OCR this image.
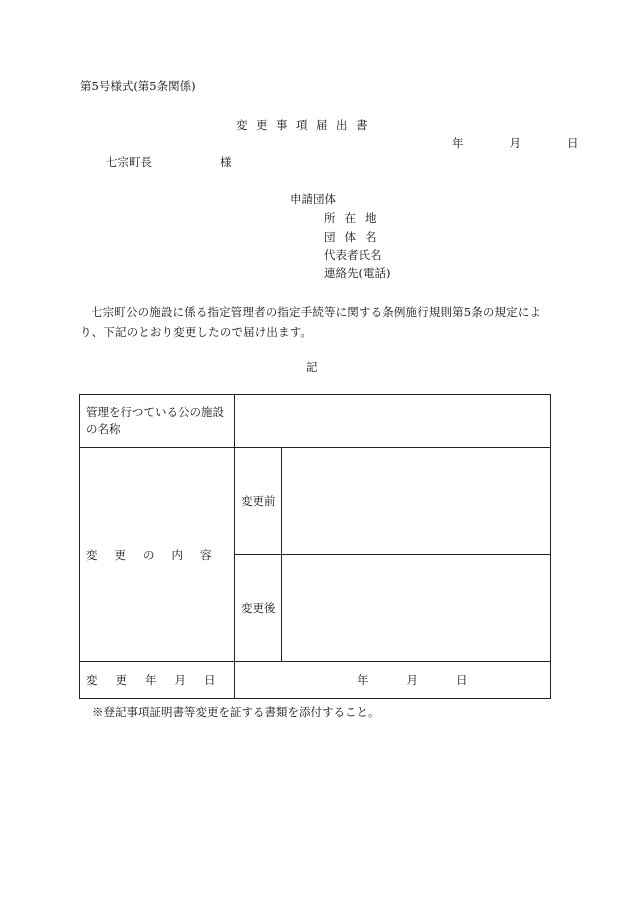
第5号様式(第5条関係)
変更事項届出書
年	月	日
七宗町長	様
申請団体
所在地
団体名
代表者氏名
連絡先(電話)
七宗町公の施設に係る指定管理者の指定手続等に関する条例施行規則第5条の規定により、下記のとおり変更したので届け出ます。
記
管理を行つている公の施設の名称		
変更の内容	変更前	
	変更後	
変更年月日	年 月 日	
※登記事項証明書等変更を証する書類を添付すること。
